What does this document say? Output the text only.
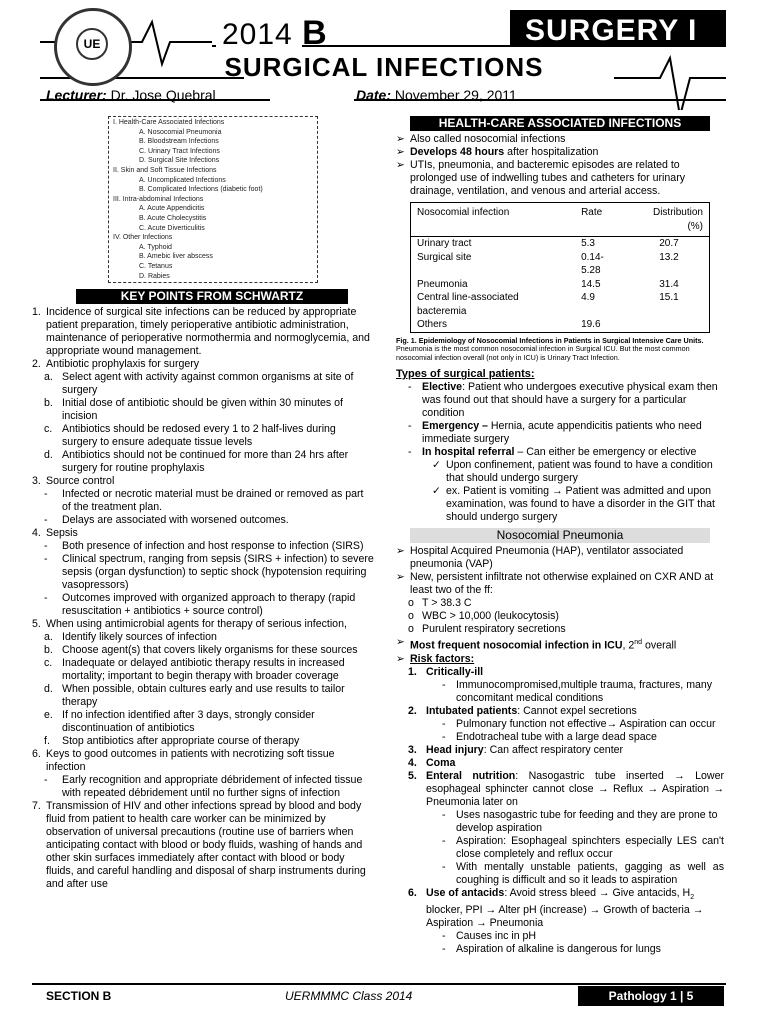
UE	2014 B	SURGERY I
SURGICAL INFECTIONS
Lecturer: Dr. Jose Quebral	Date: November 29, 2011
I. Health-Care Associated Infections
A. Nosocomial Pneumonia
B. Bloodstream Infections
C. Urinary Tract Infections
D. Surgical Site Infections
II. Skin and Soft Tissue Infections
A. Uncomplicated Infections
B. Complicated Infections (diabetic foot)
III. Intra-abdominal Infections
A. Acute Appendicitis
B. Acute Cholecystitis
C. Acute Diverticulitis
IV. Other Infections
A. Typhoid
B. Amebic liver abscess
C. Tetanus
D. Rabies
KEY POINTS FROM SCHWARTZ
1. Incidence of surgical site infections can be reduced by appropriate patient preparation, timely perioperative antibiotic administration, maintenance of perioperative normothermia and normoglycemia, and appropriate wound management.
2. Antibiotic prophylaxis for surgery
a. Select agent with activity against common organisms at site of surgery
b. Initial dose of antibiotic should be given within 30 minutes of incision
c. Antibiotics should be redosed every 1 to 2 half-lives during surgery to ensure adequate tissue levels
d. Antibiotics should not be continued for more than 24 hrs after surgery for routine prophylaxis
3. Source control
-	Infected or necrotic material must be drained or removed as part of the treatment plan.
-	Delays are associated with worsened outcomes.
4. Sepsis
-	Both presence of infection and host response to infection (SIRS)
-	Clinical spectrum, ranging from sepsis (SIRS + infection) to severe sepsis (organ dysfunction) to septic shock (hypotension requiring vasopressors)
-	Outcomes improved with organized approach to therapy (rapid resuscitation + antibiotics + source control)
5. When using antimicrobial agents for therapy of serious infection,
a. Identify likely sources of infection
b. Choose agent(s) that covers likely organisms for these sources
c. Inadequate or delayed antibiotic therapy results in increased mortality; important to begin therapy with broader coverage
d. When possible, obtain cultures early and use results to tailor therapy
e. If no infection identified after 3 days, strongly consider discontinuation of antibiotics
f.	Stop antibiotics after appropriate course of therapy
6. Keys to good outcomes in patients with necrotizing soft tissue infection
-	Early recognition and appropriate débridement of infected tissue with repeated débridement until no further signs of infection
7. Transmission of HIV and other infections spread by blood and body fluid from patient to health care worker can be minimized by observation of universal precautions (routine use of barriers when anticipating contact with blood or body fluids, washing of hands and other skin surfaces immediately after contact with blood or body fluids, and careful handling and disposal of sharp instruments during and after use
HEALTH-CARE ASSOCIATED INFECTIONS
➢ Also called nosocomial infections
➢ Develops 48 hours after hospitalization
➢ UTIs, pneumonia, and bacteremic episodes are related to prolonged use of indwelling tubes and catheters for urinary drainage, ventilation, and venous and arterial access.
Nosocomial infection	Rate	Distribution (%)
Urinary tract	5.3	20.7
Surgical site	0.14-5.28	13.2
Pneumonia	14.5	31.4
Central line-associated bacteremia	4.9	15.1
Others	19.6	
Fig. 1. Epidemiology of Nosocomial Infections in Patients in Surgical Intensive Care Units. Pneumonia is the most common nosocomial infection in Surgical ICU. But the most common nosocomial infection overall (not only in ICU) is Urinary Tract Infection.
Types of surgical patients:
- Elective: Patient who undergoes executive physical exam then was found out that should have a surgery for a particular condition
- Emergency – Hernia, acute appendicitis patients who need immediate surgery
- In hospital referral – Can either be emergency or elective
✓ Upon confinement, patient was found to have a condition that should undergo surgery
✓ ex. Patient is vomiting → Patient was admitted and upon examination, was found to have a disorder in the GIT that should undergo surgery
Nosocomial Pneumonia
➢ Hospital Acquired Pneumonia (HAP), ventilator associated pneumonia (VAP)
➢ New, persistent infiltrate not otherwise explained on CXR AND at least two of the ff:
o T > 38.3 C
o WBC > 10,000 (leukocytosis)
o Purulent respiratory secretions
➢ Most frequent nosocomial infection in ICU, 2nd overall
➢ Risk factors:
1. Critically-ill
- Immunocompromised,multiple trauma, fractures, many concomitant medical conditions
2. Intubated patients: Cannot expel secretions
- Pulmonary function not effective→ Aspiration can occur
- Endotracheal tube with a large dead space
3. Head injury: Can affect respiratory center
4. Coma
5. Enteral nutrition: Nasogastric tube inserted → Lower esophageal sphincter cannot close → Reflux → Aspiration → Pneumonia later on
- Uses nasogastric tube for feeding and they are prone to develop aspiration
- Aspiration: Esophageal spinchters especially LES can't close completely and reflux occur
- With mentally unstable patients, gagging as well as coughing is difficult and so it leads to aspiration
6. Use of antacids: Avoid stress bleed → Give antacids, $H_2$ blocker, PPI → Alter pH (increase) → Growth of bacteria → Aspiration → Pneumonia
- Causes inc in pH
- Aspiration of alkaline is dangerous for lungs
SECTION B	UERMMMC Class 2014	Pathology 1 | 5
